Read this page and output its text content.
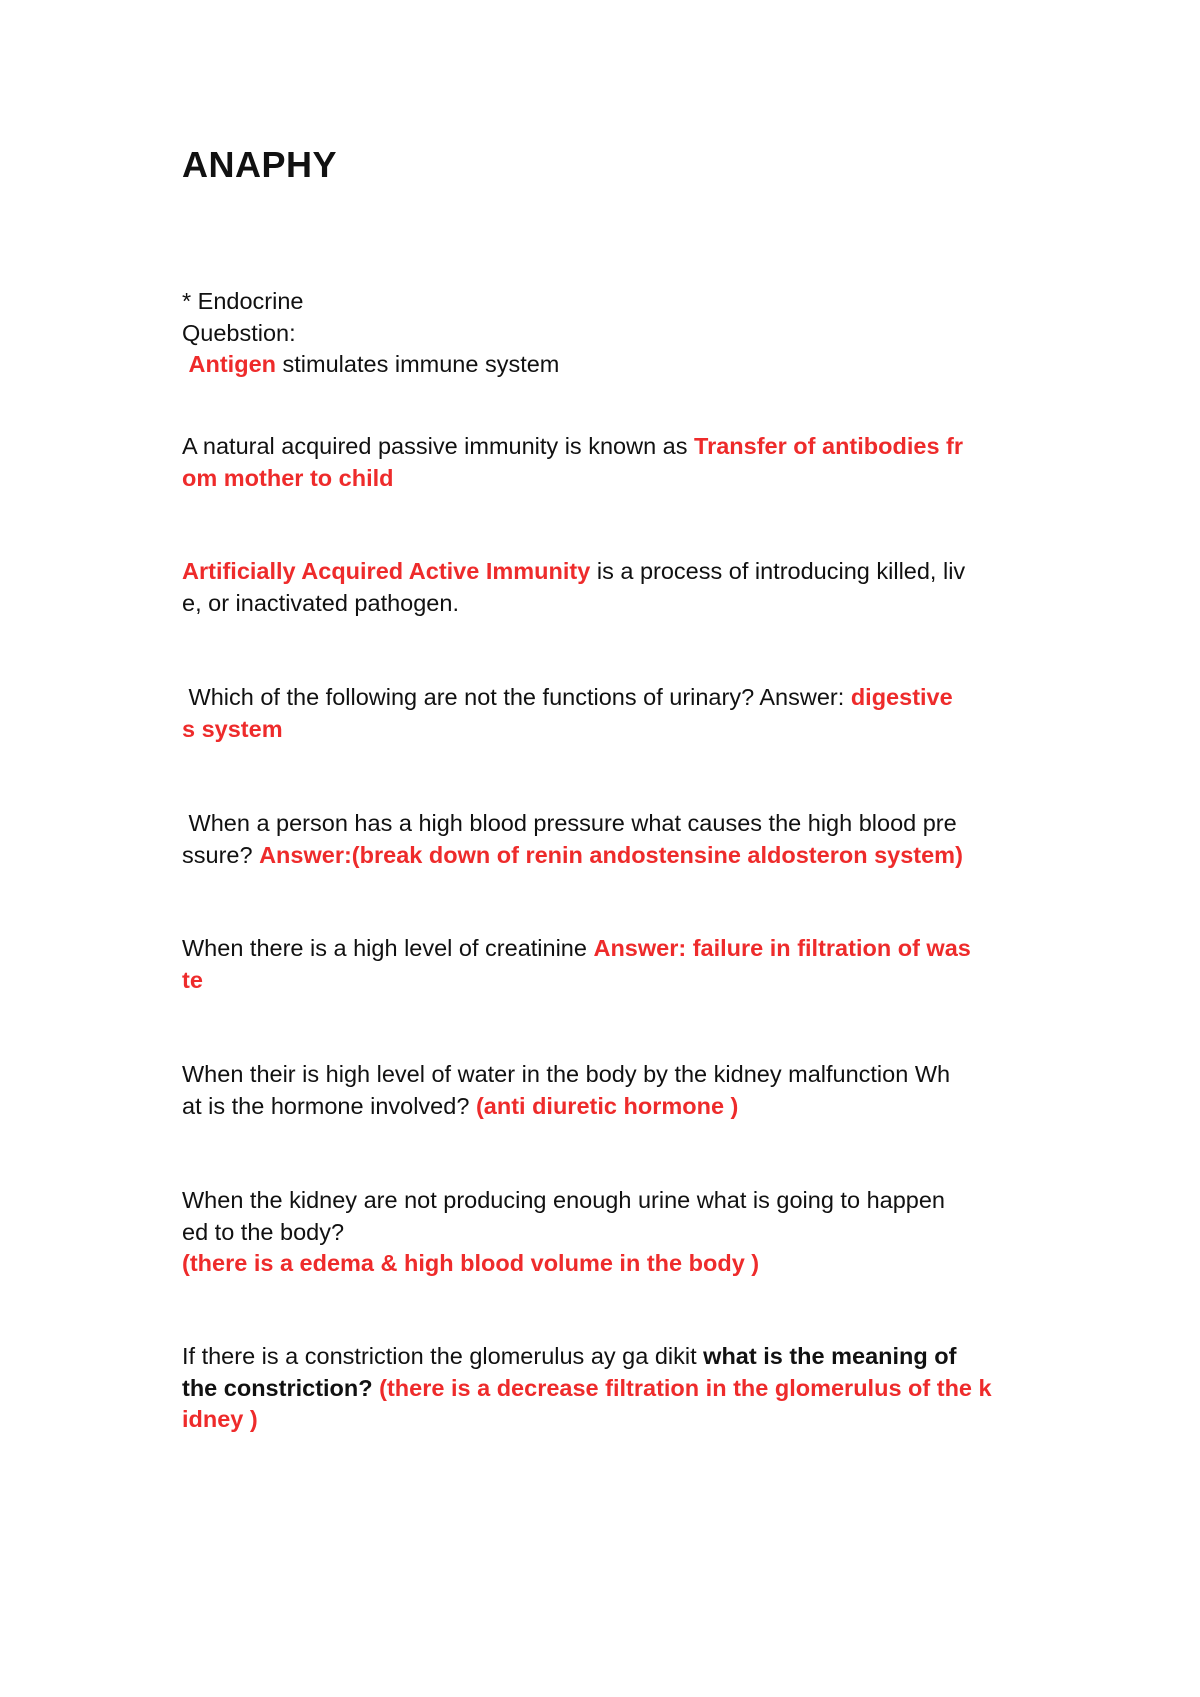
ANAPHY
* Endocrine
Quebstion:
Antigen stimulates immune system
A natural acquired passive immunity is known as Transfer of antibodies fr
om mother to child
Artificially Acquired Active Immunity is a process of introducing killed, liv
e, or inactivated pathogen.
Which of the following are not the functions of urinary? Answer: digestive
s system
When a person has a high blood pressure what causes the high blood pre
ssure? Answer:(break down of renin andostensine aldosteron system)
When there is a high level of creatinine Answer: failure in filtration of was
te
When their is high level of water in the body by the kidney malfunction Wh
at is the hormone involved? (anti diuretic hormone )
When the kidney are not producing enough urine what is going to happen
ed to the body?
(there is a edema & high blood volume in the body )
If there is a constriction the glomerulus ay ga dikit what is the meaning of
the constriction? (there is a decrease filtration in the glomerulus of the k
idney )
